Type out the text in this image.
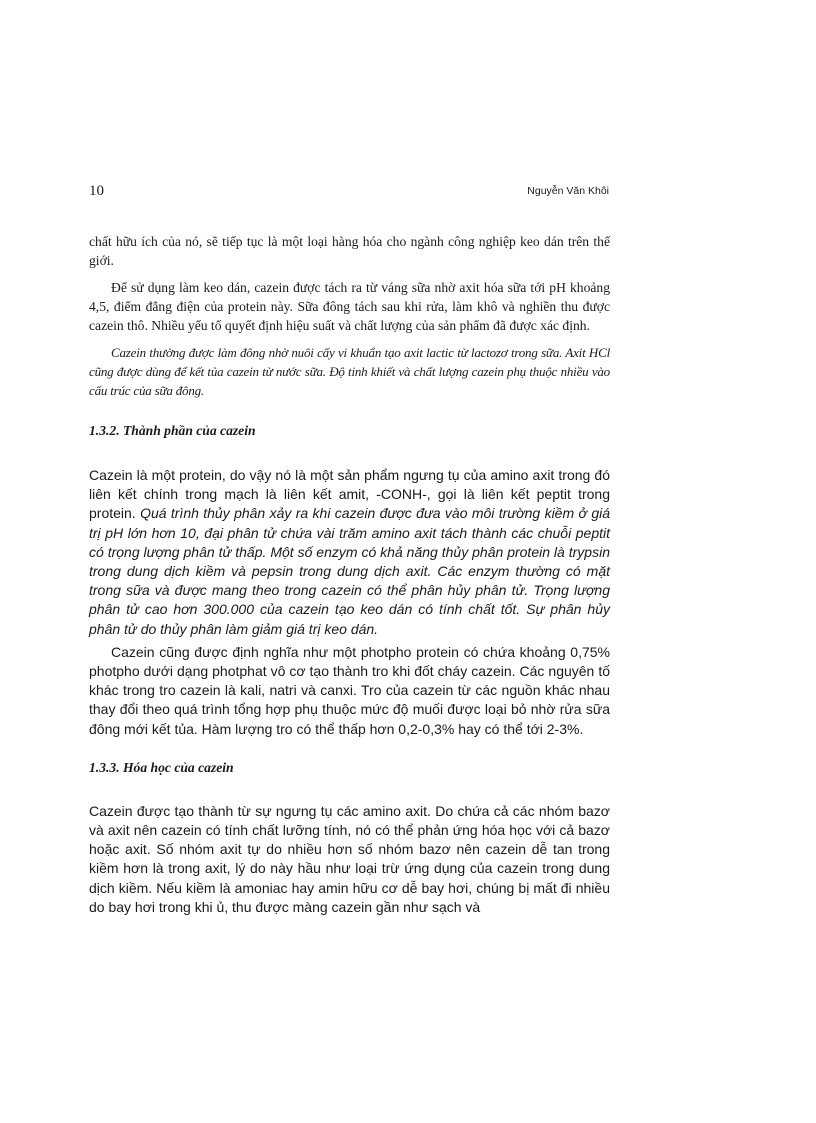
10	Nguyễn Văn Khôi

chất hữu ích của nó, sẽ tiếp tục là một loại hàng hóa cho ngành công nghiệp keo dán trên thế giới.

Để sử dụng làm keo dán, cazein được tách ra từ váng sữa nhờ axit hóa sữa tới pH khoảng 4,5, điểm đẳng điện của protein này. Sữa đông tách sau khi rửa, làm khô và nghiền thu được cazein thô. Nhiều yếu tố quyết định hiệu suất và chất lượng của sản phẩm đã được xác định.

Cazein thường được làm đông nhờ nuôi cấy vi khuẩn tạo axit lactic từ lactozơ trong sữa. Axit HCl cũng được dùng để kết tủa cazein từ nước sữa. Độ tinh khiết và chất lượng cazein phụ thuộc nhiều vào cấu trúc của sữa đông.

1.3.2. Thành phần của cazein

Cazein là một protein, do vậy nó là một sản phẩm ngưng tụ của amino axit trong đó liên kết chính trong mạch là liên kết amit, -CONH-, gọi là liên kết peptit trong protein. Quá trình thủy phân xảy ra khi cazein được đưa vào môi trường kiềm ở giá trị pH lớn hơn 10, đại phân tử chứa vài trăm amino axit tách thành các chuỗi peptit có trọng lượng phân tử thấp. Một số enzym có khả năng thủy phân protein là trypsin trong dung dịch kiềm và pepsin trong dung dịch axit. Các enzym thường có mặt trong sữa và được mang theo trong cazein có thể phân hủy phân tử. Trọng lượng phân tử cao hơn 300.000 của cazein tạo keo dán có tính chất tốt. Sự phân hủy phân tử do thủy phân làm giảm giá trị keo dán.

Cazein cũng được định nghĩa như một photpho protein có chứa khoảng 0,75% photpho dưới dạng photphat vô cơ tạo thành tro khi đốt cháy cazein. Các nguyên tố khác trong tro cazein là kali, natri và canxi. Tro của cazein từ các nguồn khác nhau thay đổi theo quá trình tổng hợp phụ thuộc mức độ muối được loại bỏ nhờ rửa sữa đông mới kết tủa. Hàm lượng tro có thể thấp hơn 0,2-0,3% hay có thể tới 2-3%.

1.3.3. Hóa học của cazein

Cazein được tạo thành từ sự ngưng tụ các amino axit. Do chứa cả các nhóm bazơ và axit nên cazein có tính chất lưỡng tính, nó có thể phản ứng hóa học với cả bazơ hoặc axit. Số nhóm axit tự do nhiều hơn số nhóm bazơ nên cazein dễ tan trong kiềm hơn là trong axit, lý do này hầu như loại trừ ứng dụng của cazein trong dung dịch kiềm. Nếu kiềm là amoniac hay amin hữu cơ dễ bay hơi, chúng bị mất đi nhiều do bay hơi trong khi ủ, thu được màng cazein gần như sạch và
